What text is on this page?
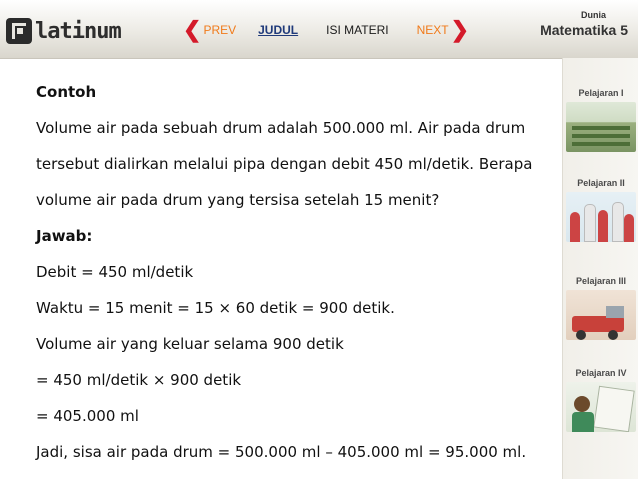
latinum	❮ PREV JUDUL ISI MATERI NEXT ❯
Dunia
Matematika 5
Contoh
Volume air pada sebuah drum adalah 500.000 ml. Air pada drum
tersebut dialirkan melalui pipa dengan debit 450 ml/detik. Berapa
volume air pada drum yang tersisa setelah 15 menit?
Jawab:
Debit = 450 ml/detik
Waktu = 15 menit = 15 × 60 detik = 900 detik.
Volume air yang keluar selama 900 detik
= 450 ml/detik × 900 detik
= 405.000 ml
Jadi, sisa air pada drum = 500.000 ml – 405.000 ml = 95.000 ml.
Pelajaran I
Pelajaran II
Pelajaran III
Pelajaran IV
